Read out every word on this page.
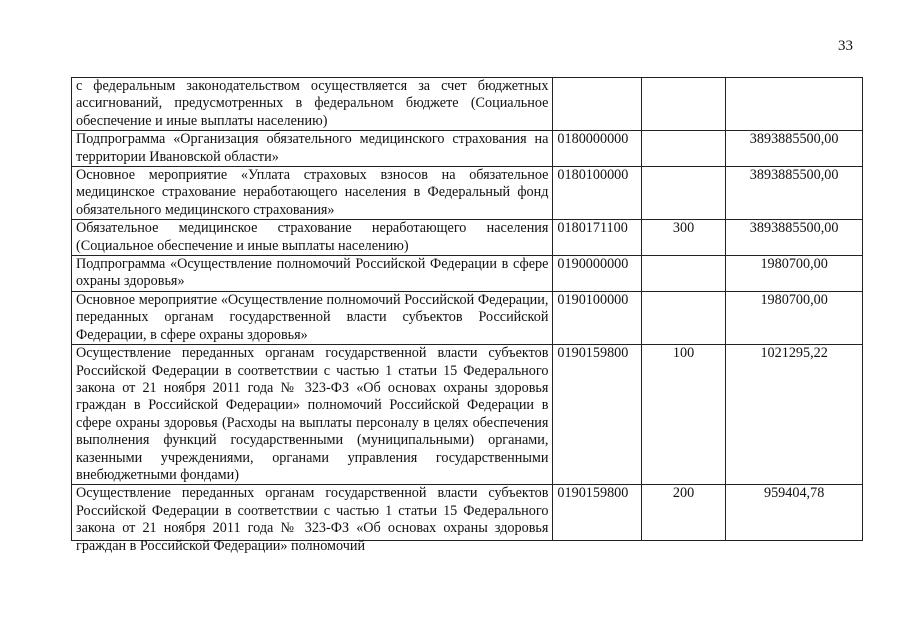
33
с федеральным законодательством осуществляется за счет бюджетных ассигнований, предусмотренных в федеральном бюджете (Социальное обеспечение и иные выплаты населению)			
Подпрограмма «Организация обязательного медицинского страхования на территории Ивановской области»	0180000000		3893885500,00
Основное мероприятие «Уплата страховых взносов на обязательное медицинское страхование неработающего населения в Федеральный фонд обязательного медицинского страхования»	0180100000		3893885500,00
Обязательное медицинское страхование неработающего населения (Социальное обеспечение и иные выплаты населению)	0180171100	300	3893885500,00
Подпрограмма «Осуществление полномочий Российской Федерации в сфере охраны здоровья»	0190000000		1980700,00
Основное мероприятие «Осуществление полномочий Российской Федерации, переданных органам государственной власти субъектов Российской Федерации, в сфере охраны здоровья»	0190100000		1980700,00
Осуществление переданных органам государственной власти субъектов Российской Федерации в соответствии с частью 1 статьи 15 Федерального закона от 21 ноября 2011 года № 323-ФЗ «Об основах охраны здоровья граждан в Российской Федерации» полномочий Российской Федерации в сфере охраны здоровья (Расходы на выплаты персоналу в целях обеспечения выполнения функций государственными (муниципальными) органами, казенными учреждениями, органами управления государственными внебюджетными фондами)	0190159800	100	1021295,22

Осуществление переданных органам государственной власти субъектов Российской Федерации в соответствии с частью 1 статьи 15 Федерального закона от 21 ноября 2011 года № 323-ФЗ «Об основах охраны здоровья граждан в Российской Федерации» полномочий	0190159800	200	959404,78
